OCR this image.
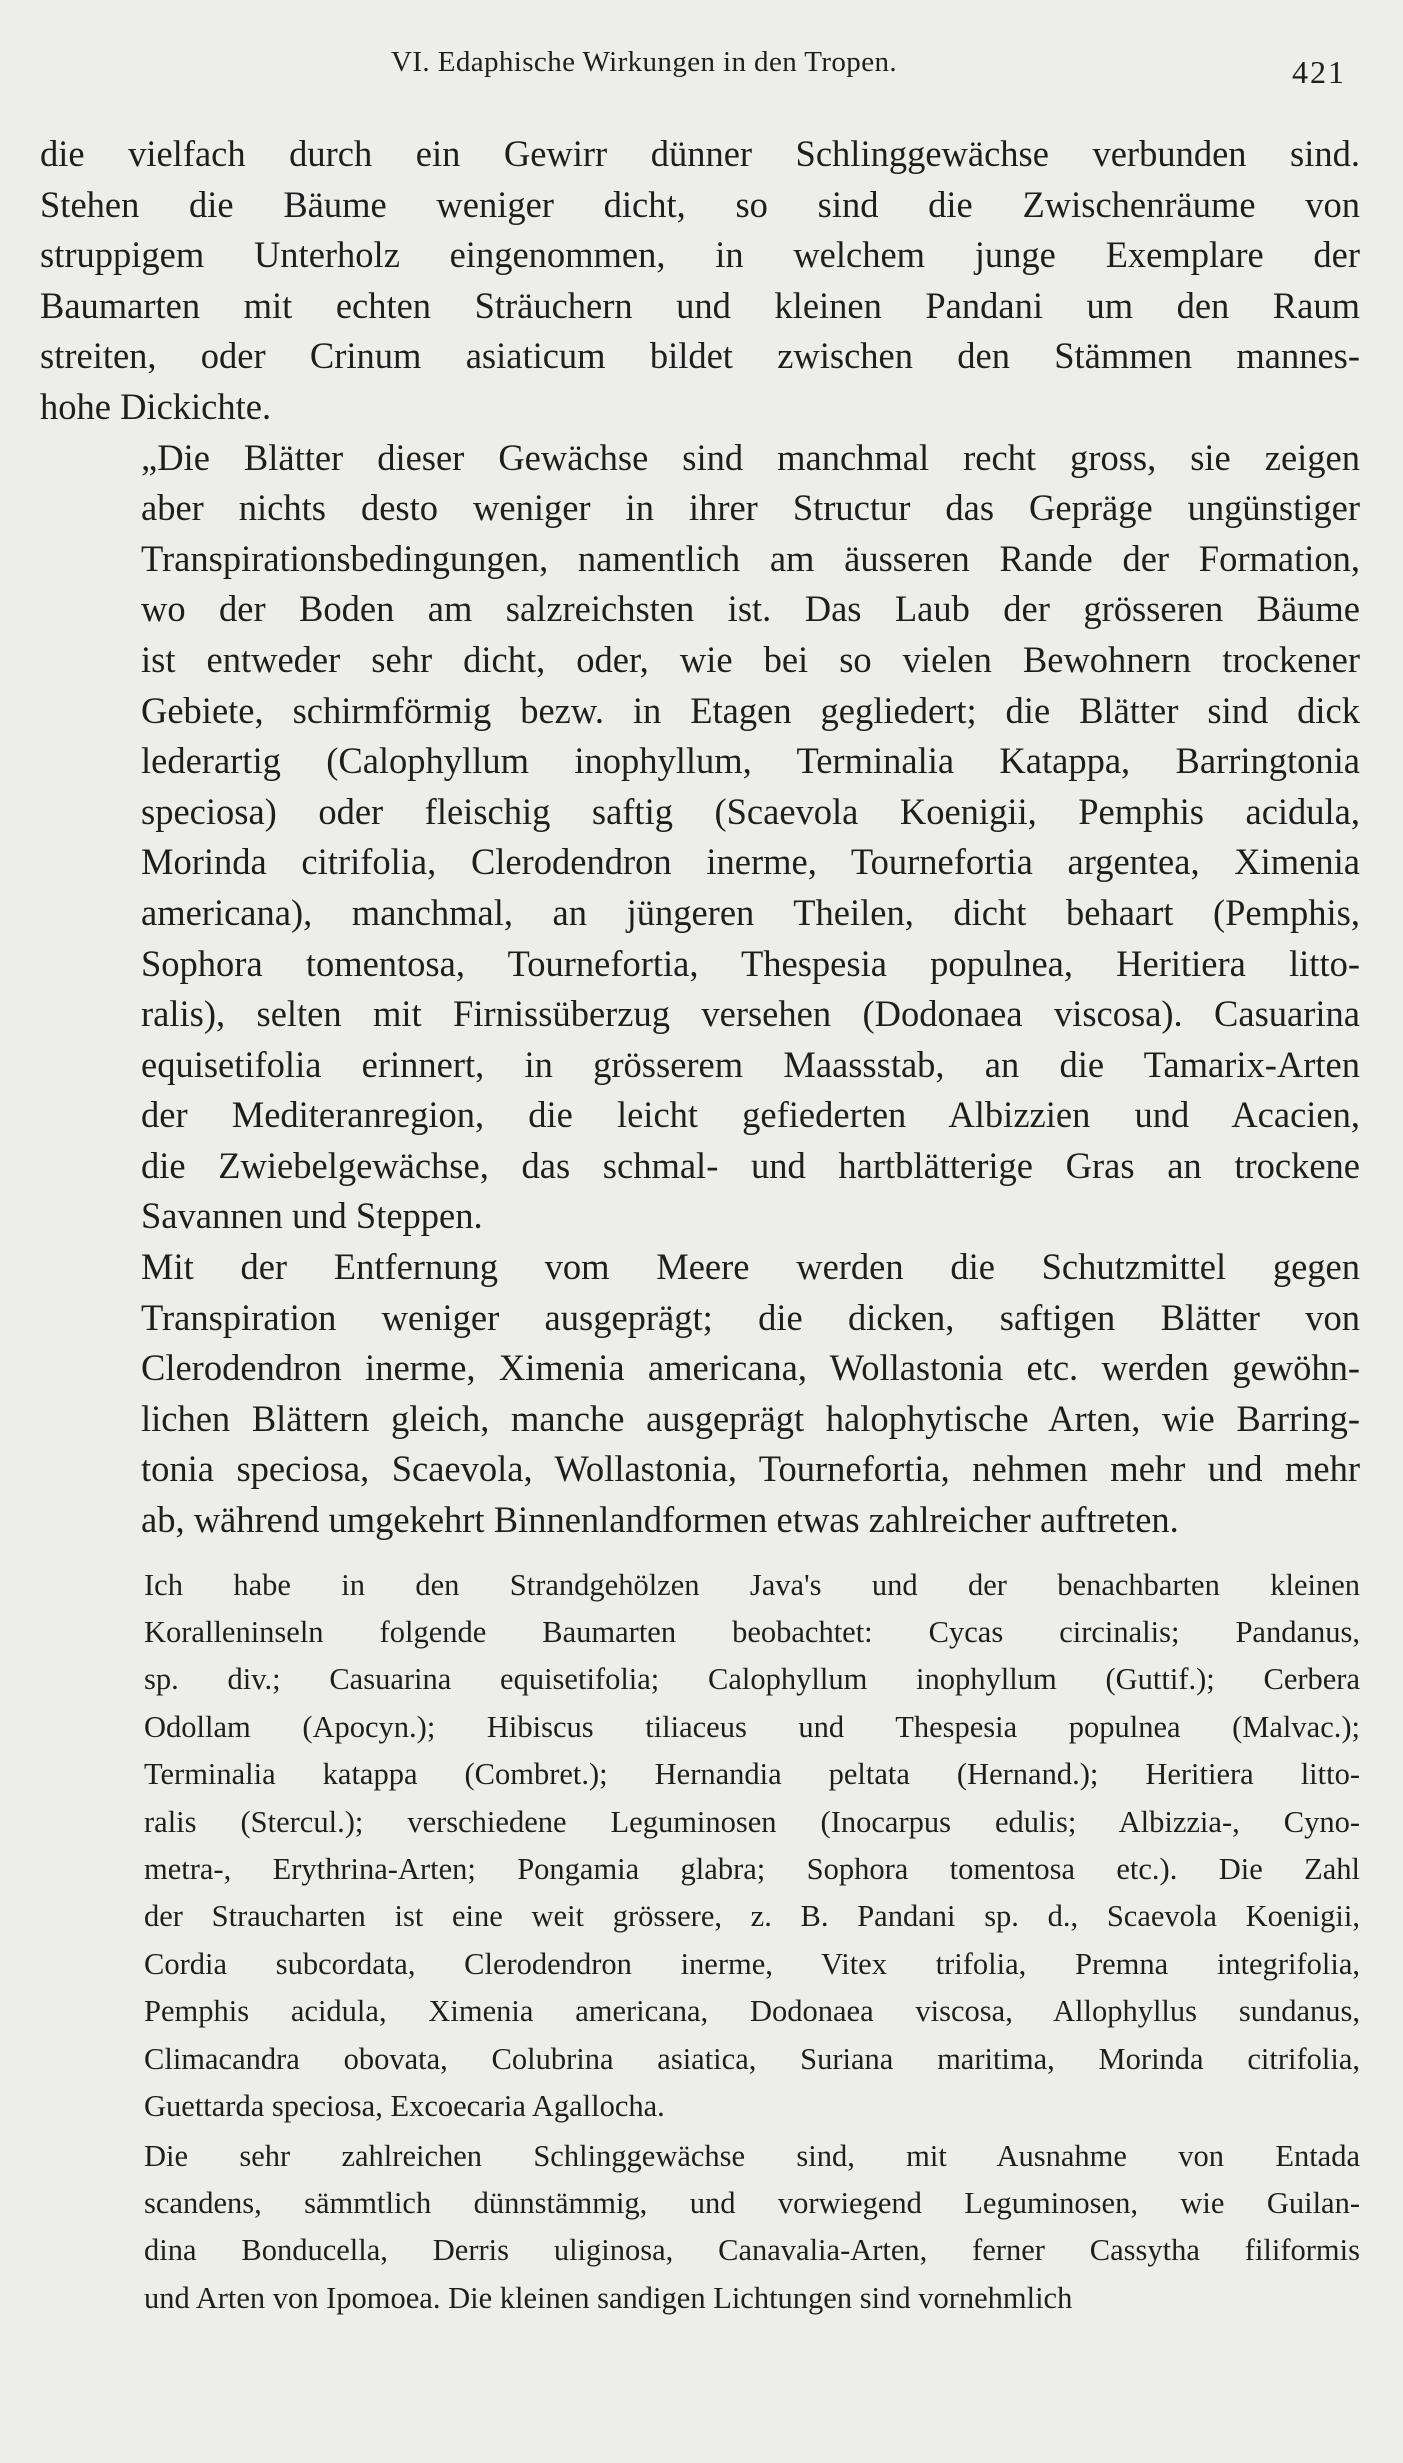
VI. Edaphische Wirkungen in den Tropen.	421

die vielfach durch ein Gewirr dünner Schlinggewächse verbunden sind.
Stehen die Bäume weniger dicht, so sind die Zwischenräume von
struppigem Unterholz eingenommen, in welchem junge Exemplare der
Baumarten mit echten Sträuchern und kleinen Pandani um den Raum
streiten, oder Crinum asiaticum bildet zwischen den Stämmen mannes-
hohe Dickichte.

„Die Blätter dieser Gewächse sind manchmal recht gross, sie zeigen
aber nichts desto weniger in ihrer Structur das Gepräge ungünstiger
Transpirationsbedingungen, namentlich am äusseren Rande der Formation,
wo der Boden am salzreichsten ist. Das Laub der grösseren Bäume
ist entweder sehr dicht, oder, wie bei so vielen Bewohnern trockener
Gebiete, schirmförmig bezw. in Etagen gegliedert; die Blätter sind dick
lederartig (Calophyllum inophyllum, Terminalia Katappa, Barringtonia
speciosa) oder fleischig saftig (Scaevola Koenigii, Pemphis acidula,
Morinda citrifolia, Clerodendron inerme, Tournefortia argentea, Ximenia
americana), manchmal, an jüngeren Theilen, dicht behaart (Pemphis,
Sophora tomentosa, Tournefortia, Thespesia populnea, Heritiera litto-
ralis), selten mit Firnissüberzug versehen (Dodonaea viscosa). Casuarina
equisetifolia erinnert, in grösserem Maassstab, an die Tamarix-Arten
der Mediteranregion, die leicht gefiederten Albizzien und Acacien,
die Zwiebelgewächse, das schmal- und hartblätterige Gras an trockene
Savannen und Steppen.

Mit der Entfernung vom Meere werden die Schutzmittel gegen
Transpiration weniger ausgeprägt; die dicken, saftigen Blätter von
Clerodendron inerme, Ximenia americana, Wollastonia etc. werden gewöhn-
lichen Blättern gleich, manche ausgeprägt halophytische Arten, wie Barring-
tonia speciosa, Scaevola, Wollastonia, Tournefortia, nehmen mehr und mehr
ab, während umgekehrt Binnenlandformen etwas zahlreicher auftreten.

Ich habe in den Strandgehölzen Java's und der benachbarten kleinen
Koralleninseln folgende Baumarten beobachtet: Cycas circinalis; Pandanus,
sp. div.; Casuarina equisetifolia; Calophyllum inophyllum (Guttif.); Cerbera
Odollam (Apocyn.); Hibiscus tiliaceus und Thespesia populnea (Malvac.);
Terminalia katappa (Combret.); Hernandia peltata (Hernand.); Heritiera litto-
ralis (Stercul.); verschiedene Leguminosen (Inocarpus edulis; Albizzia-, Cyno-
metra-, Erythrina-Arten; Pongamia glabra; Sophora tomentosa etc.). Die Zahl
der Straucharten ist eine weit grössere, z. B. Pandani sp. d., Scaevola Koenigii,
Cordia subcordata, Clerodendron inerme, Vitex trifolia, Premna integrifolia,
Pemphis acidula, Ximenia americana, Dodonaea viscosa, Allophyllus sundanus,
Climacandra obovata, Colubrina asiatica, Suriana maritima, Morinda citrifolia,
Guettarda speciosa, Excoecaria Agallocha.

Die sehr zahlreichen Schlinggewächse sind, mit Ausnahme von Entada
scandens, sämmtlich dünnstämmig, und vorwiegend Leguminosen, wie Guilan-
dina Bonducella, Derris uliginosa, Canavalia-Arten, ferner Cassytha filiformis
und Arten von Ipomoea. Die kleinen sandigen Lichtungen sind vornehmlich
